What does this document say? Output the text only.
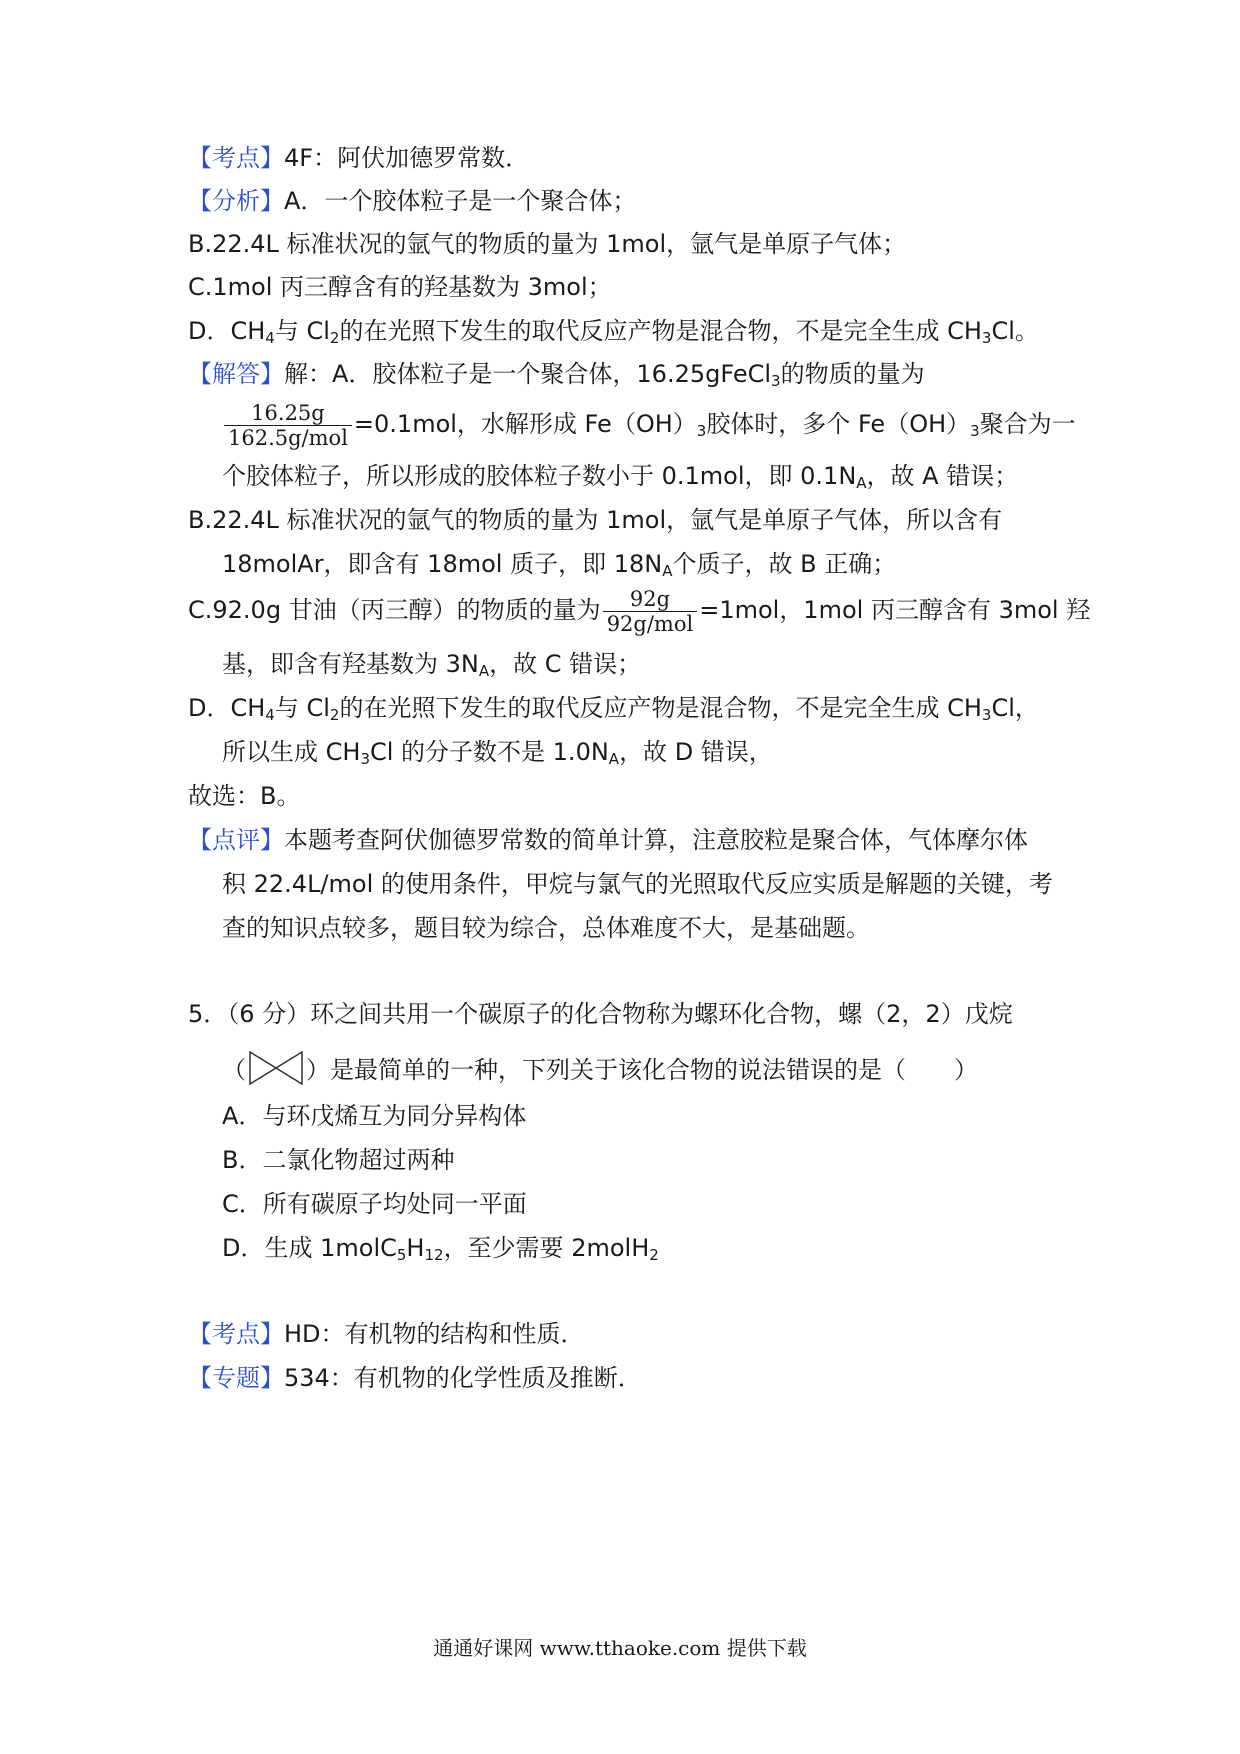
【考点】4F：阿伏加德罗常数．
【分析】A．一个胶体粒子是一个聚合体；
B.22.4L 标准状况的氩气的物质的量为 1mol，氩气是单原子气体；
C.1mol 丙三醇含有的羟基数为 3mol；
D．$CH_4$与 $Cl_2$的在光照下发生的取代反应产物是混合物，不是完全生成 $CH_3Cl$。
【解答】解：A．胶体粒子是一个聚合体，16.25gFeCl$_3$的物质的量为
$\frac{16.25g}{\text{162.5g/mol}} =0.1mol$，水解形成 $Fe(OH)_3$胶体时，多个 $Fe(OH)_3$聚合为一
个胶体粒子，所以形成的胶体粒子数小于 0.1mol，即 $0.1N_A$，故 A 错误；
B.22.4L 标准状况的氩气的物质的量为 1mol，氩气是单原子气体，所以含有
18molAr，即含有 18mol 质子，即 $18N_A$个质子，故 B 正确；
C.92.0g 甘油（丙三醇）的物质的量为 $\frac{92g}{\text{92g/mol}} =1mol$，1mol 丙三醇含有 3mol 羟
基，即含有羟基数为 $3N_A$，故 C 错误；
D．$CH_4$与 $Cl_2$的在光照下发生的取代反应产物是混合物，不是完全生成 $CH_3Cl$，
所以生成 $CH_3Cl$ 的分子数不是 $1.0N_A$，故 D 错误，
故选：B。
【点评】本题考查阿伏伽德罗常数的简单计算，注意胶粒是聚合体，气体摩尔体
积 22.4L/mol 的使用条件，甲烷与氯气的光照取代反应实质是解题的关键，考
查的知识点较多，题目较为综合，总体难度不大，是基础题。
5．（6 分）环之间共用一个碳原子的化合物称为螺环化合物，螺（2，2）戊烷
（	）是最简单的一种，下列关于该化合物的说法错误的是（　　）
A．与环戊烯互为同分异构体
B．二氯化物超过两种
C．所有碳原子均处同一平面
D．生成 $1molC_5H_{12}$，至少需要 2molH$_2$
【考点】HD：有机物的结构和性质．
【专题】534：有机物的化学性质及推断．
通通好课网 www.tthaoke.com 提供下载
